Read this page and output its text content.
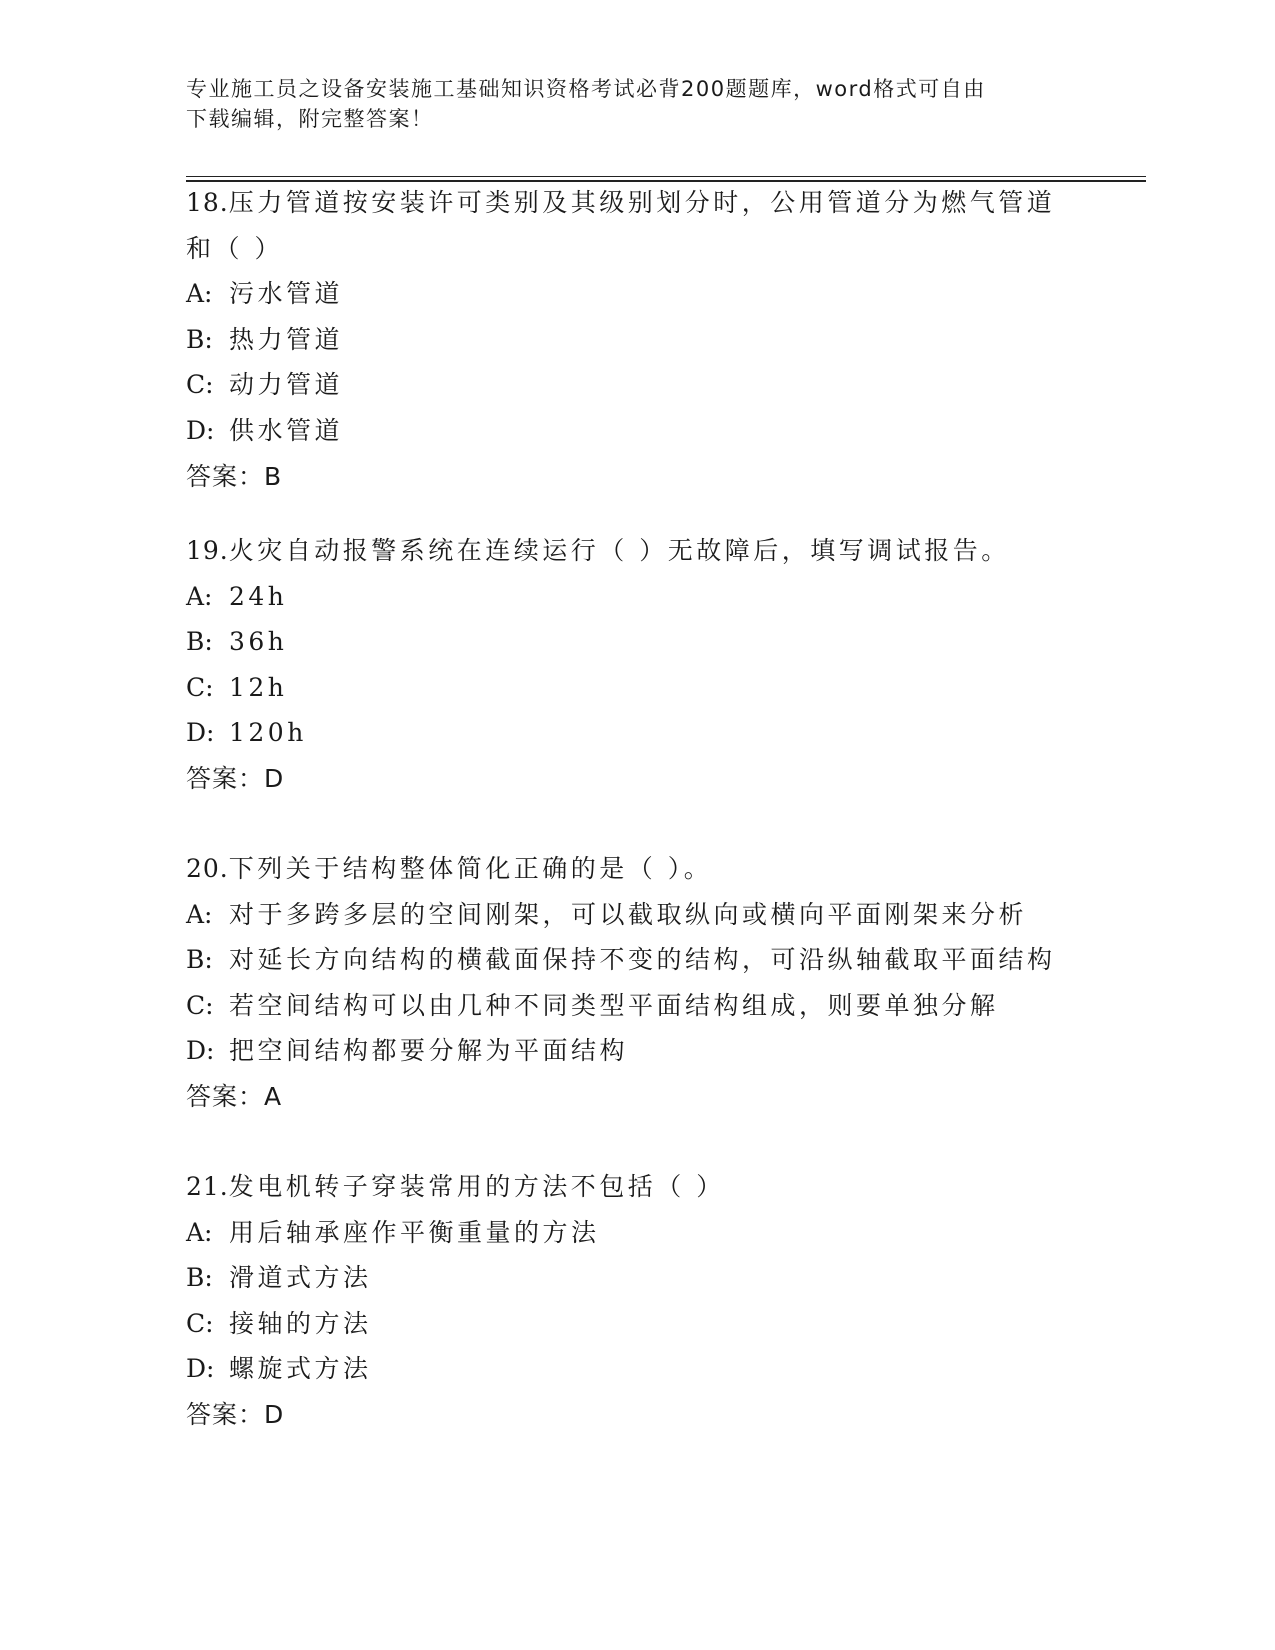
专业施工员之设备安装施工基础知识资格考试必背200题题库，word格式可自由
下载编辑，附完整答案！

18.压力管道按安装许可类别及其级别划分时，公用管道分为燃气管道

和（ ）

A: 污水管道

B: 热力管道

C: 动力管道

D: 供水管道

答案：B

19.火灾自动报警系统在连续运行（ ）无故障后，填写调试报告。

A: 24h

B: 36h

C: 12h

D: 120h

答案：D

20.下列关于结构整体简化正确的是（ ）。

A: 对于多跨多层的空间刚架，可以截取纵向或横向平面刚架来分析

B: 对延长方向结构的横截面保持不变的结构，可沿纵轴截取平面结构

C: 若空间结构可以由几种不同类型平面结构组成，则要单独分解

D: 把空间结构都要分解为平面结构

答案：A

21.发电机转子穿装常用的方法不包括（ ）

A: 用后轴承座作平衡重量的方法

B: 滑道式方法

C: 接轴的方法

D: 螺旋式方法

答案：D
